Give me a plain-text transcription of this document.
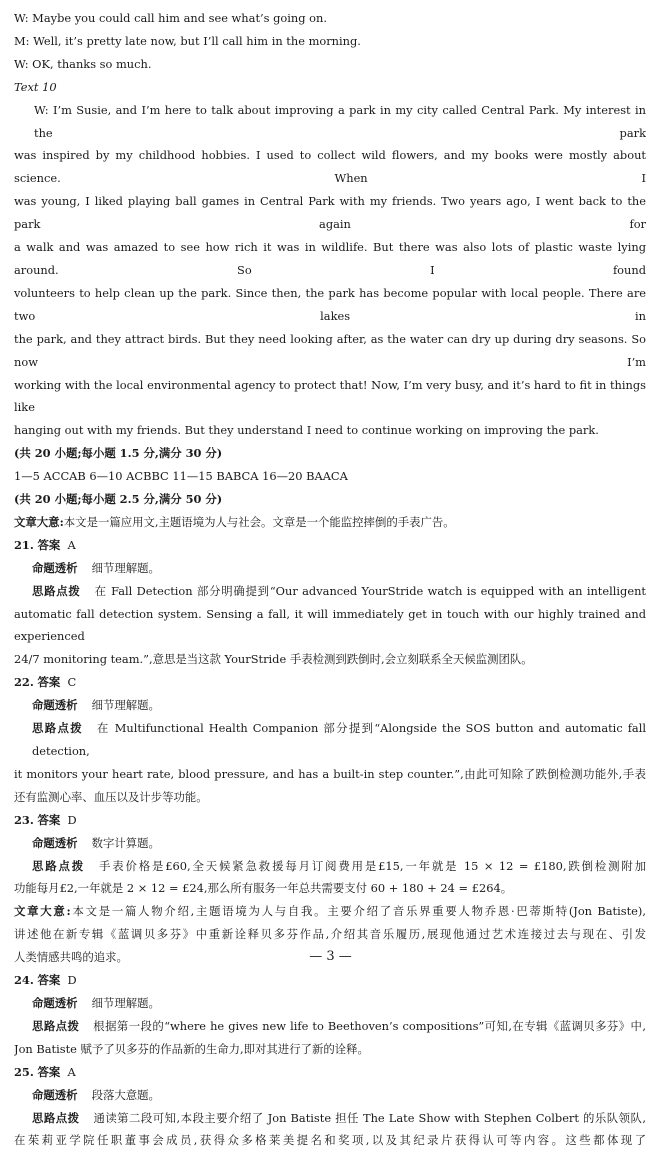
W: Maybe you could call him and see what’s going on.
M: Well, it’s pretty late now, but I’ll call him in the morning.
W: OK, thanks so much.
Text 10
W: I’m Susie, and I’m here to talk about improving a park in my city called Central Park. My interest in the park
was inspired by my childhood hobbies. I used to collect wild flowers, and my books were mostly about science. When I
was young, I liked playing ball games in Central Park with my friends. Two years ago, I went back to the park again for
a walk and was amazed to see how rich it was in wildlife. But there was also lots of plastic waste lying around. So I found
volunteers to help clean up the park. Since then, the park has become popular with local people. There are two lakes in
the park, and they attract birds. But they need looking after, as the water can dry up during dry seasons. So now I’m
working with the local environmental agency to protect that! Now, I’m very busy, and it’s hard to fit in things like
hanging out with my friends. But they understand I need to continue working on improving the park.
(共 20 小题;每小题 1.5 分,满分 30 分)
1—5 ACCAB 6—10 ACBBC 11—15 BABCA 16—20 BAACA
(共 20 小题;每小题 2.5 分,满分 50 分)
文章大意:本文是一篇应用文,主题语境为人与社会。文章是一个能监控摔倒的手表广告。
21. 答案 A
命题透析 细节理解题。
思路点拨 在 Fall Detection 部分明确提到“Our advanced YourStride watch is equipped with an intelligent
automatic fall detection system. Sensing a fall, it will immediately get in touch with our highly trained and experienced
24/7 monitoring team.”,意思是当这款 YourStride 手表检测到跌倒时,会立刻联系全天候监测团队。
22. 答案 C
命题透析 细节理解题。
思路点拨 在 Multifunctional Health Companion 部分提到“Alongside the SOS button and automatic fall detection,
it monitors your heart rate, blood pressure, and has a built-in step counter.”,由此可知除了跌倒检测功能外,手表
还有监测心率、血压以及计步等功能。
23. 答案 D
命题透析 数字计算题。
思路点拨 手表价格是£60,全天候紧急救援每月订阅费用是£15,一年就是 15 × 12 = £180,跌倒检测附加
功能每月£2,一年就是 2 × 12 = £24,那么所有服务一年总共需要支付 60 + 180 + 24 = £264。
文章大意:本文是一篇人物介绍,主题语境为人与自我。主要介绍了音乐界重要人物乔恩·巴蒂斯特(Jon Batiste),
讲述他在新专辑《蓝调贝多芬》中重新诠释贝多芬作品,介绍其音乐履历,展现他通过艺术连接过去与现在、引发
人类情感共鸣的追求。
24. 答案 D
命题透析 细节理解题。
思路点拨 根据第一段的“where he gives new life to Beethoven’s compositions”可知,在专辑《蓝调贝多芬》中,
Jon Batiste 赋予了贝多芬的作品新的生命力,即对其进行了新的诠释。
25. 答案 A
命题透析 段落大意题。
思路点拨 通读第二段可知,本段主要介绍了 Jon Batiste 担任 The Late Show with Stephen Colbert 的乐队领队,
在茱莉亚学院任职董事会成员,获得众多格莱美提名和奖项,以及其纪录片获得认可等内容。这些都体现了
— 3 —
